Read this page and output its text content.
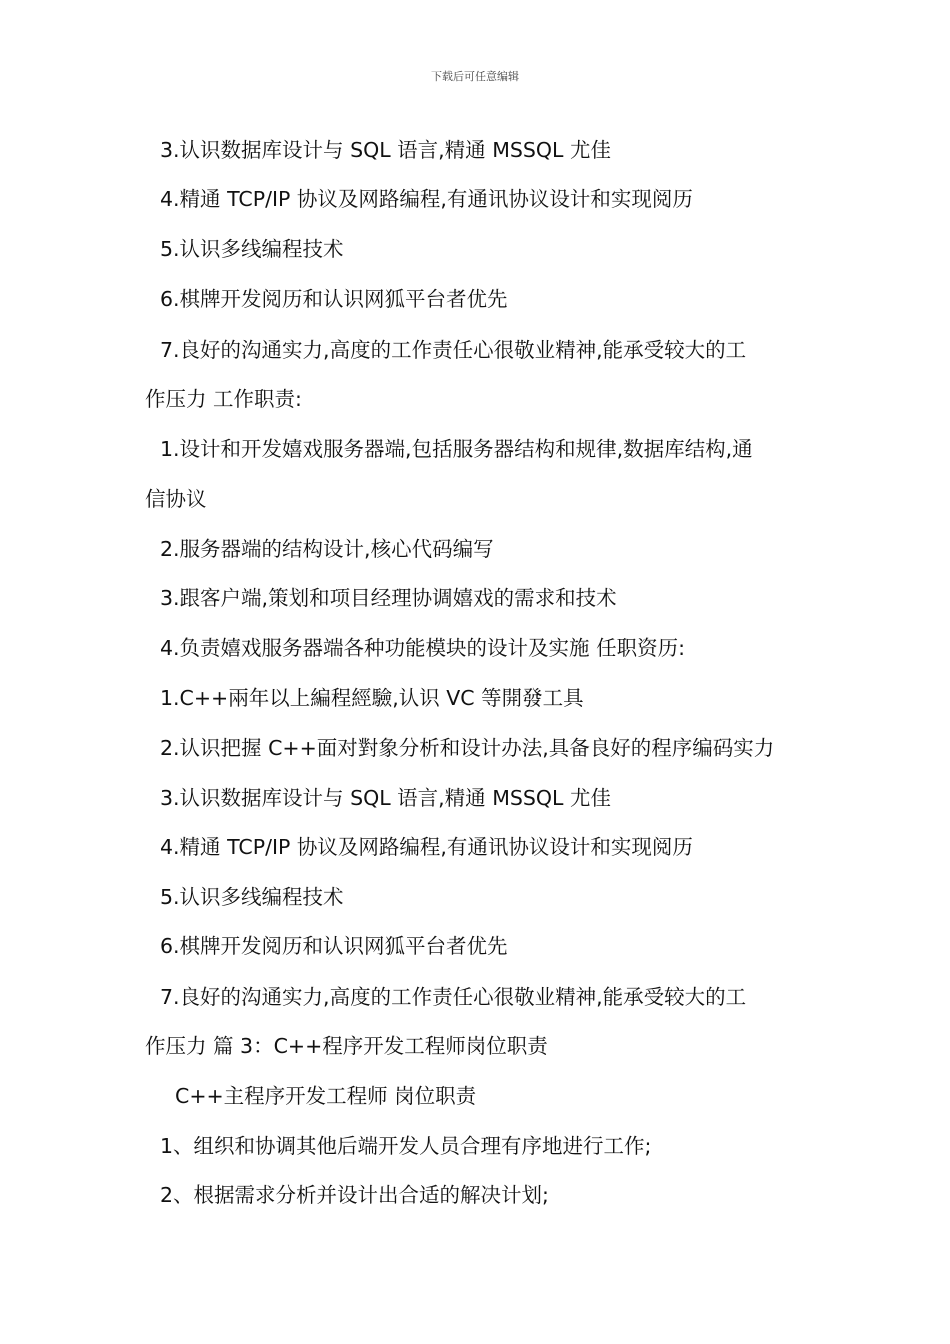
下载后可任意编辑
3.认识数据库设计与 SQL 语言,精通 MSSQL 尤佳
4.精通 TCP/IP 协议及网路编程,有通讯协议设计和实现阅历
5.认识多线编程技术
6.棋牌开发阅历和认识网狐平台者优先
7.良好的沟通实力,高度的工作责任心很敬业精神,能承受较大的工
作压力 工作职责:
1.设计和开发嬉戏服务器端,包括服务器结构和规律,数据库结构,通
信协议
2.服务器端的结构设计,核心代码编写
3.跟客户端,策划和项目经理协调嬉戏的需求和技术
4.负责嬉戏服务器端各种功能模块的设计及实施 任职资历:
1.C++兩年以上編程經驗,认识 VC 等開發工具
2.认识把握 C++面对對象分析和设计办法,具备良好的程序编码实力
3.认识数据库设计与 SQL 语言,精通 MSSQL 尤佳
4.精通 TCP/IP 协议及网路编程,有通讯协议设计和实现阅历
5.认识多线编程技术
6.棋牌开发阅历和认识网狐平台者优先
7.良好的沟通实力,高度的工作责任心很敬业精神,能承受较大的工
作压力 篇 3：C++程序开发工程师岗位职责
C++主程序开发工程师 岗位职责
1、组织和协调其他后端开发人员合理有序地进行工作;
2、根据需求分析并设计出合适的解决计划;
